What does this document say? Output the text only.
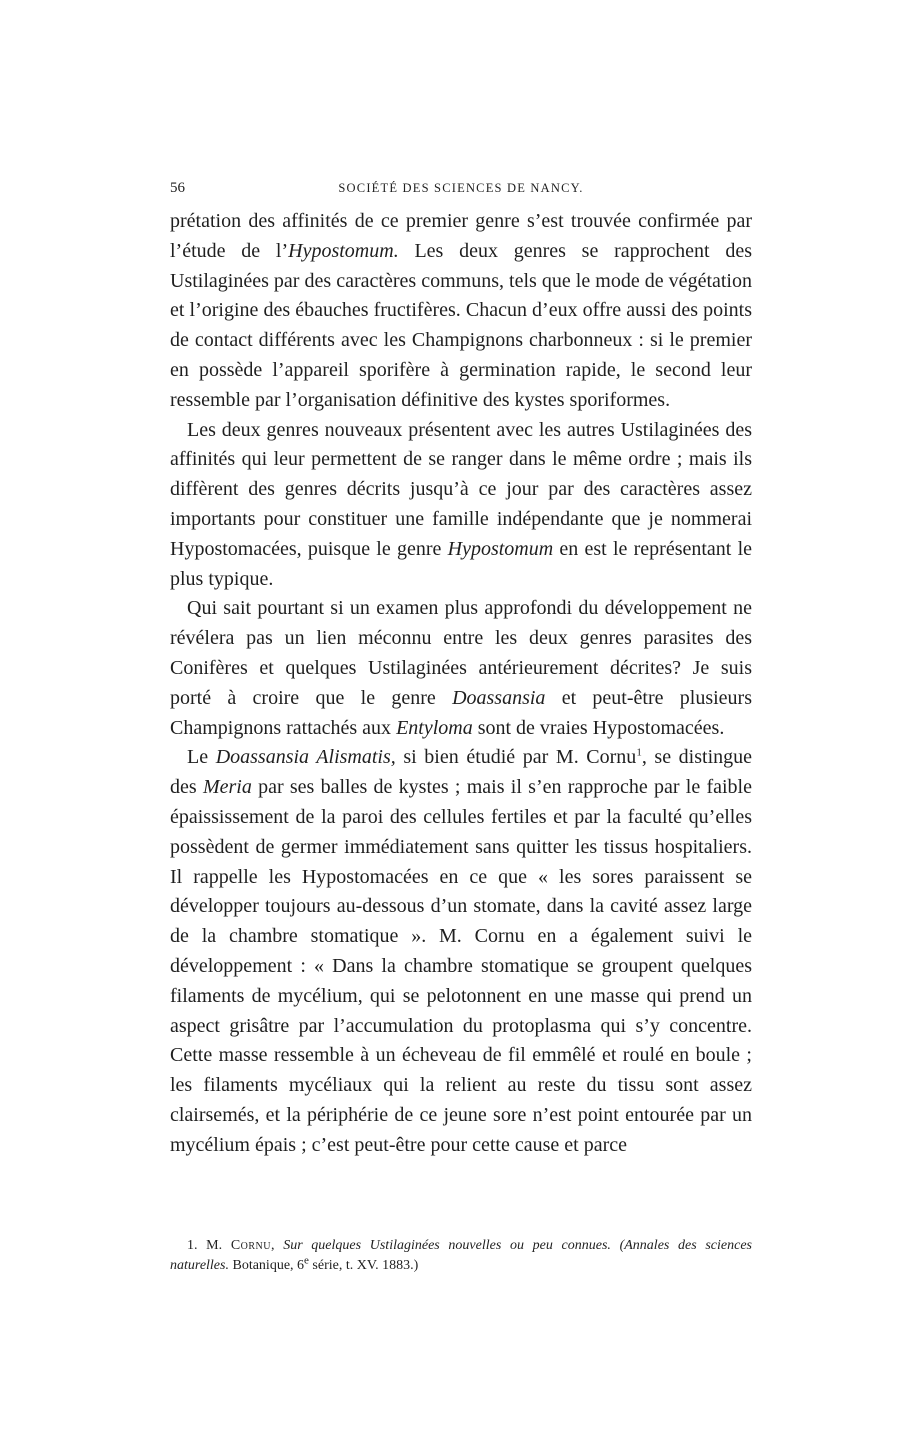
56	SOCIÉTÉ DES SCIENCES DE NANCY.

prétation des affinités de ce premier genre s’est trouvée confirmée par l’étude de l’Hypostomum. Les deux genres se rapprochent des Ustilaginées par des caractères communs, tels que le mode de végétation et l’origine des ébauches fructifères. Chacun d’eux offre aussi des points de contact différents avec les Champignons charbonneux : si le premier en possède l’appareil sporifère à germination rapide, le second leur ressemble par l’organisation définitive des kystes sporiformes.

Les deux genres nouveaux présentent avec les autres Ustilaginées des affinités qui leur permettent de se ranger dans le même ordre ; mais ils diffèrent des genres décrits jusqu’à ce jour par des caractères assez importants pour constituer une famille indépendante que je nommerai Hypostomacées, puisque le genre Hypostomum en est le représentant le plus typique.

Qui sait pourtant si un examen plus approfondi du développement ne révélera pas un lien méconnu entre les deux genres parasites des Conifères et quelques Ustilaginées antérieurement décrites? Je suis porté à croire que le genre Doassansia et peut-être plusieurs Champignons rattachés aux Entyloma sont de vraies Hypostomacées.

Le Doassansia Alismatis, si bien étudié par M. Cornu$^1$, se distingue des Meria par ses balles de kystes ; mais il s’en rapproche par le faible épaississement de la paroi des cellules fertiles et par la faculté qu’elles possèdent de germer immédiatement sans quitter les tissus hospitaliers. Il rappelle les Hypostomacées en ce que « les sores paraissent se développer toujours au-dessous d’un stomate, dans la cavité assez large de la chambre stomatique ». M. Cornu en a également suivi le développement : « Dans la chambre stomatique se groupent quelques filaments de mycélium, qui se pelotonnent en une masse qui prend un aspect grisâtre par l’accumulation du protoplasma qui s’y concentre. Cette masse ressemble à un écheveau de fil emmêlé et roulé en boule ; les filaments mycéliaux qui la relient au reste du tissu sont assez clairsemés, et la périphérie de ce jeune sore n’est point entourée par un mycélium épais ; c’est peut-être pour cette cause et parce

1. M. Cornu, Sur quelques Ustilaginées nouvelles ou peu connues. (Annales des sciences naturelles. Botanique, 6e série, t. XV. 1883.)
